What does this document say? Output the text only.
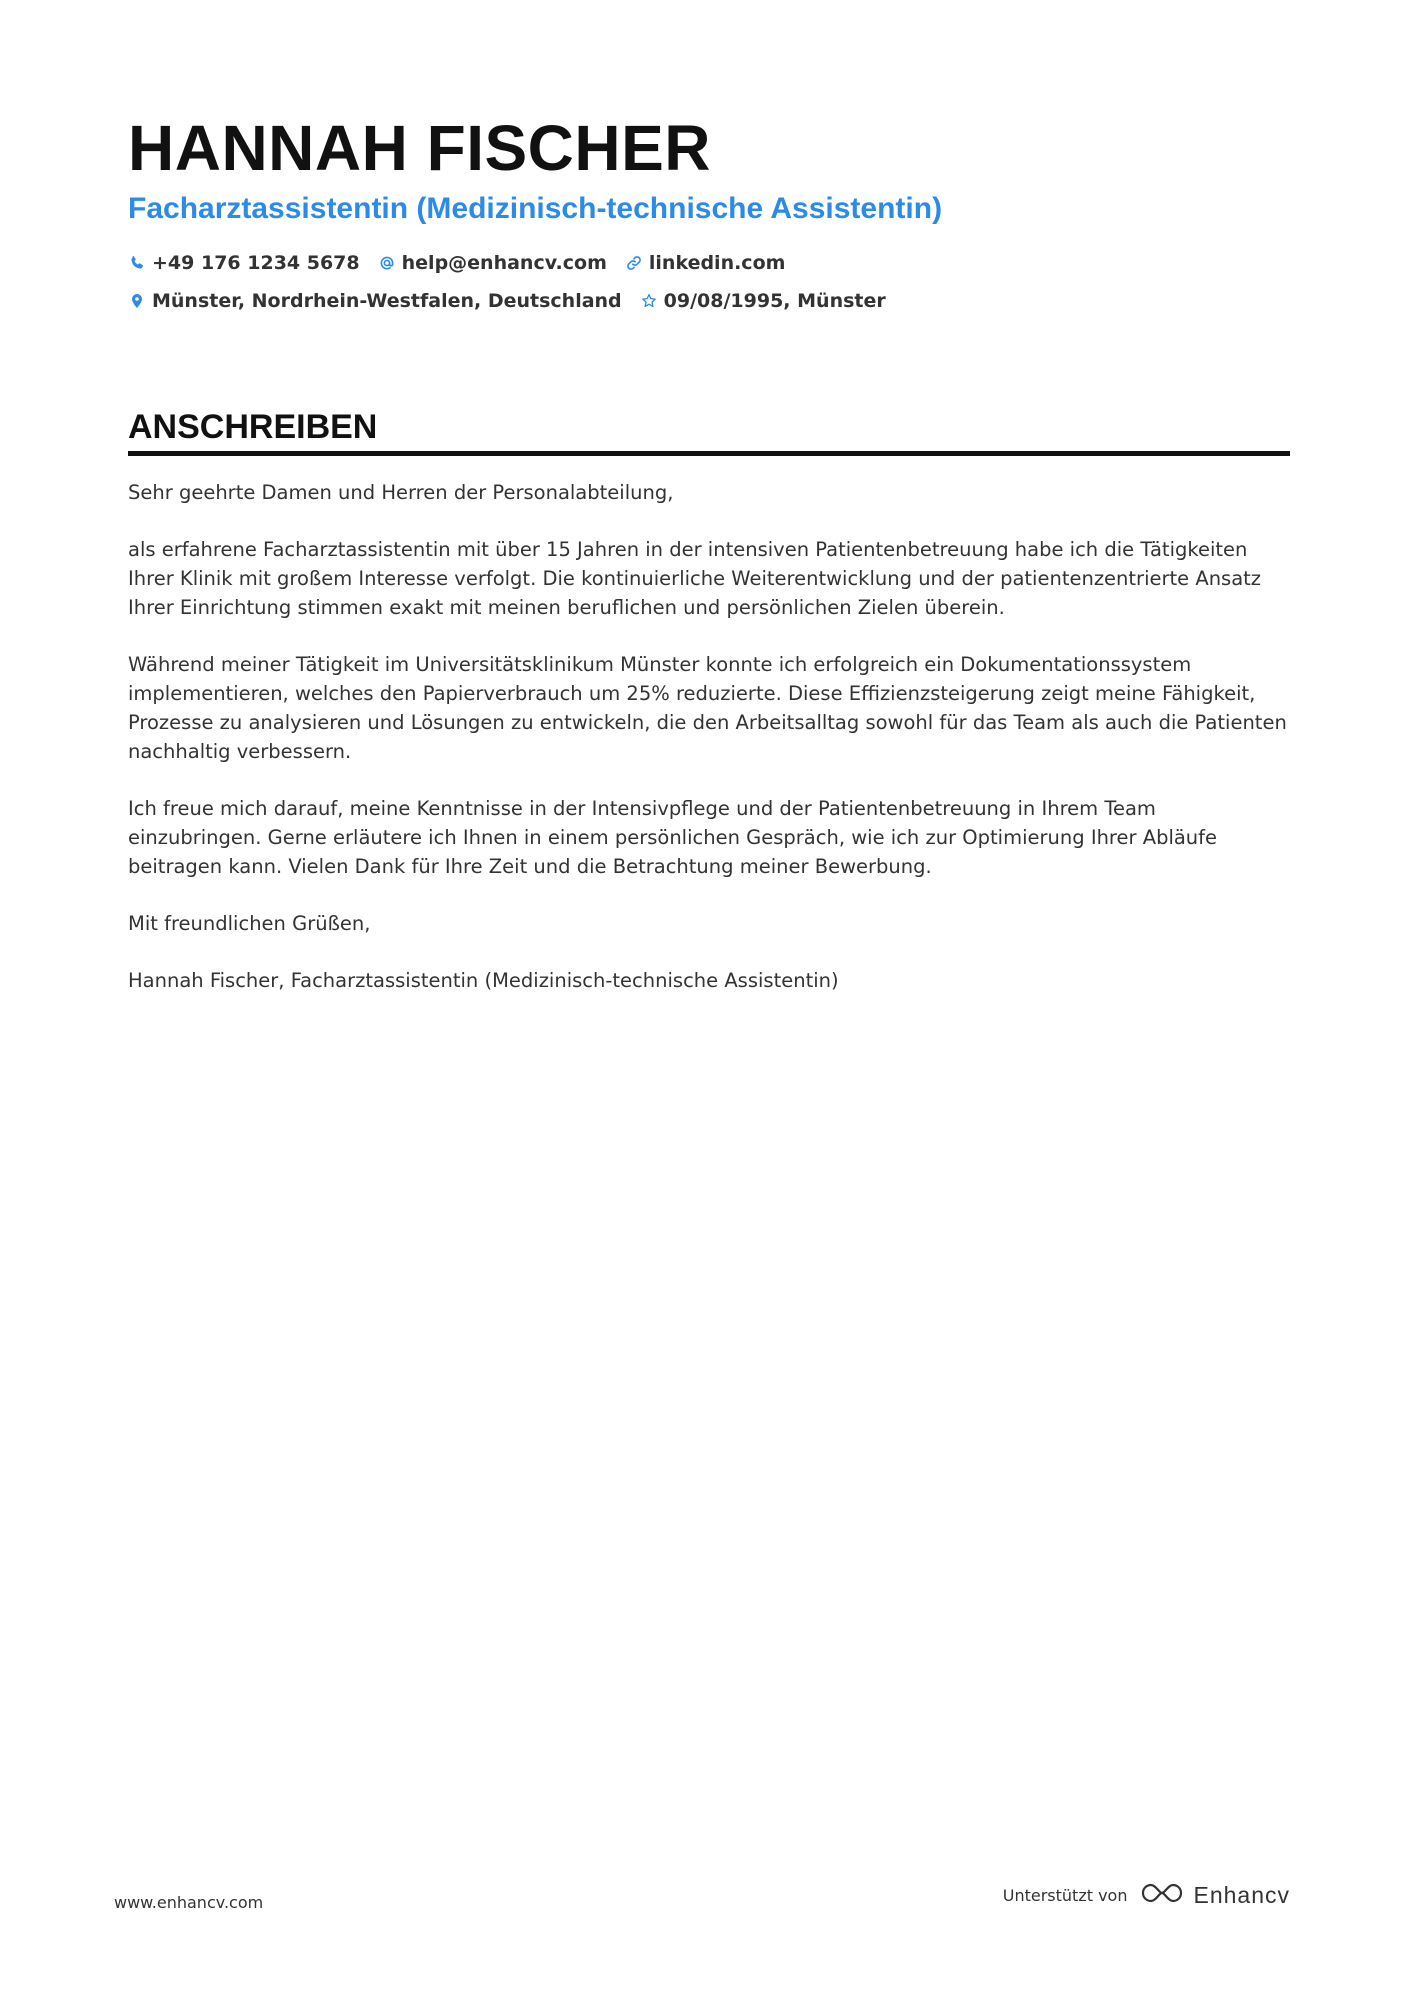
HANNAH FISCHER
Facharztassistentin (Medizinisch-technische Assistentin)
+49 176 1234 5678 help@enhancv.com linkedin.com
Münster, Nordrhein-Westfalen, Deutschland 09/08/1995, Münster
ANSCHREIBEN

Sehr geehrte Damen und Herren der Personalabteilung,

als erfahrene Facharztassistentin mit über 15 Jahren in der intensiven Patientenbetreuung habe ich die Tätigkeiten Ihrer Klinik mit großem Interesse verfolgt. Die kontinuierliche Weiterentwicklung und der patientenzentrierte Ansatz Ihrer Einrichtung stimmen exakt mit meinen beruflichen und persönlichen Zielen überein.

Während meiner Tätigkeit im Universitätsklinikum Münster konnte ich erfolgreich ein Dokumentationssystem implementieren, welches den Papierverbrauch um 25% reduzierte. Diese Effizienzsteigerung zeigt meine Fähigkeit, Prozesse zu analysieren und Lösungen zu entwickeln, die den Arbeitsalltag sowohl für das Team als auch die Patienten nachhaltig verbessern.

Ich freue mich darauf, meine Kenntnisse in der Intensivpflege und der Patientenbetreuung in Ihrem Team einzubringen. Gerne erläutere ich Ihnen in einem persönlichen Gespräch, wie ich zur Optimierung Ihrer Abläufe beitragen kann. Vielen Dank für Ihre Zeit und die Betrachtung meiner Bewerbung.

Mit freundlichen Grüßen,

Hannah Fischer, Facharztassistentin (Medizinisch-technische Assistentin)

www.enhancv.com	Unterstützt von	Enhancv
